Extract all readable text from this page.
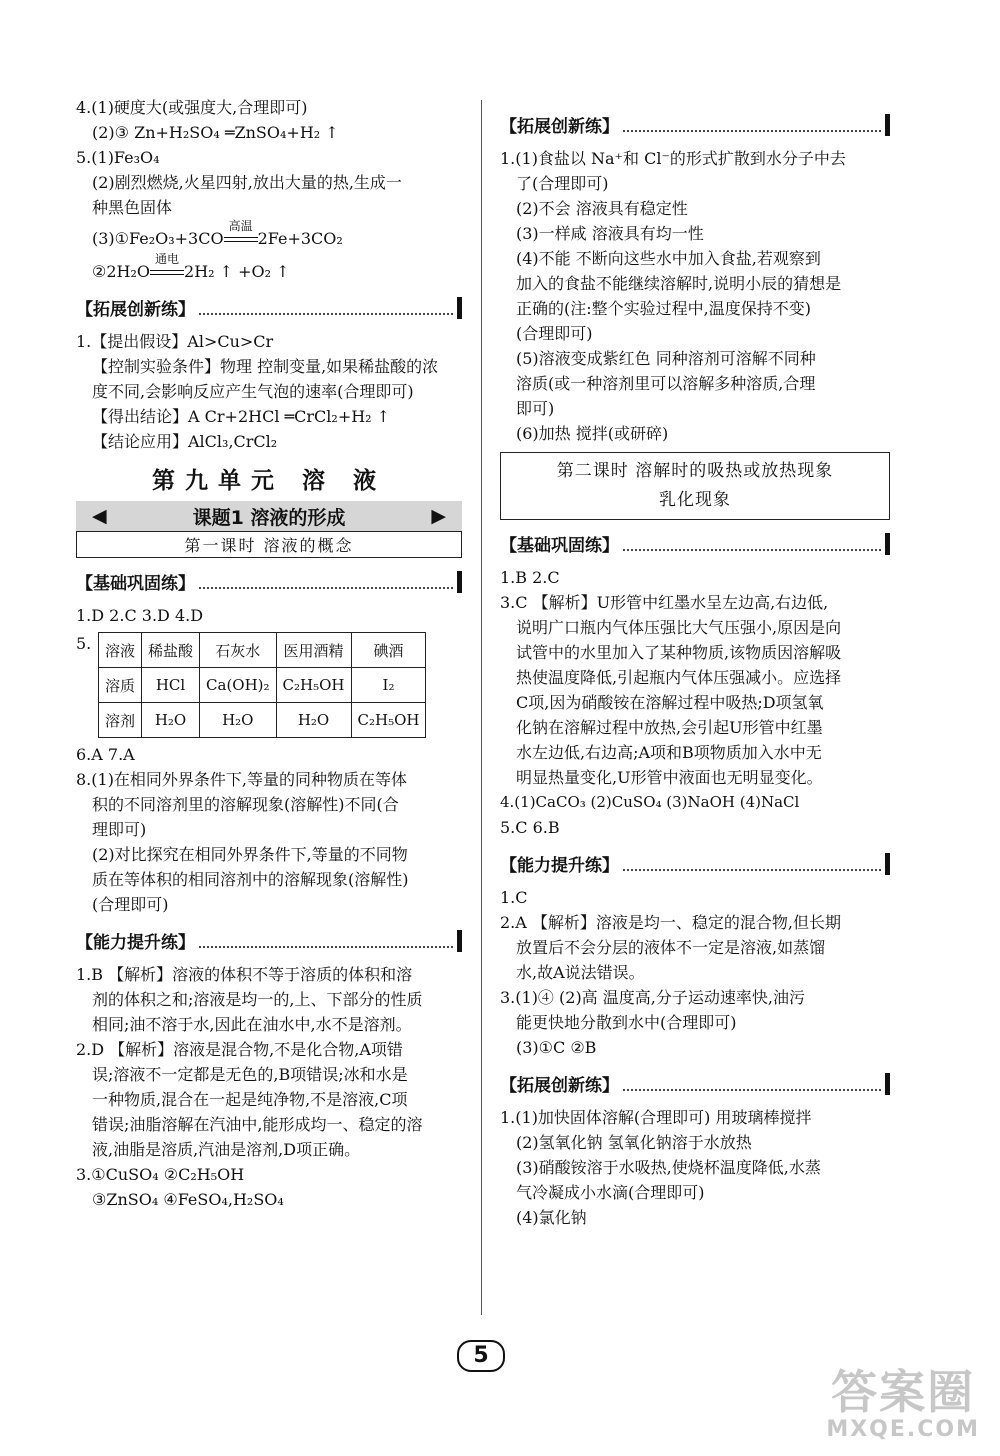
4.(1)硬度大(或强度大,合理即可)
(2)③ Zn+H₂SO₄ ═ZnSO₄+H₂ ↑
5.(1)Fe₃O₄
(2)剧烈燃烧,火星四射,放出大量的热,生成一
种黑色固体
(3)①Fe₂O₃+3CO
高温
2Fe+3CO₂
②2H₂O
通电
2H₂ ↑ +O₂ ↑
【拓展创新练】
1.【提出假设】Al>Cu>Cr
【控制实验条件】物理 控制变量,如果稀盐酸的浓
度不同,会影响反应产生气泡的速率(合理即可)
【得出结论】A Cr+2HCl ═CrCl₂+H₂ ↑
【结论应用】AlCl₃,CrCl₂
第九单元 溶 液
◀	课题1 溶液的形成	▶
第一课时 溶液的概念
【基础巩固练】
1.D 2.C 3.D 4.D
5. 溶液	稀盐酸	石灰水	医用酒精	碘酒
溶质	HCl	Ca(OH)₂	C₂H₅OH	I₂
溶剂	H₂O	H₂O	H₂O	C₂H₅OH
6.A 7.A
8.(1)在相同外界条件下,等量的同种物质在等体
积的不同溶剂里的溶解现象(溶解性)不同(合
理即可)
(2)对比探究在相同外界条件下,等量的不同物
质在等体积的相同溶剂中的溶解现象(溶解性)
(合理即可)
【能力提升练】
1.B 【解析】溶液的体积不等于溶质的体积和溶
剂的体积之和;溶液是均一的,上、下部分的性质
相同;油不溶于水,因此在油水中,水不是溶剂。
2.D 【解析】溶液是混合物,不是化合物,A项错
误;溶液不一定都是无色的,B项错误;冰和水是
一种物质,混合在一起是纯净物,不是溶液,C项
错误;油脂溶解在汽油中,能形成均一、稳定的溶
液,油脂是溶质,汽油是溶剂,D项正确。
3.①CuSO₄ ②C₂H₅OH
③ZnSO₄ ④FeSO₄,H₂SO₄
【拓展创新练】
1.(1)食盐以 Na⁺和 Cl⁻的形式扩散到水分子中去
了(合理即可)
(2)不会 溶液具有稳定性
(3)一样咸 溶液具有均一性
(4)不能 不断向这些水中加入食盐,若观察到
加入的食盐不能继续溶解时,说明小辰的猜想是
正确的(注:整个实验过程中,温度保持不变)
(合理即可)
(5)溶液变成紫红色 同种溶剂可溶解不同种
溶质(或一种溶剂里可以溶解多种溶质,合理
即可)
(6)加热 搅拌(或研碎)
第二课时 溶解时的吸热或放热现象
乳化现象
【基础巩固练】
1.B 2.C
3.C 【解析】U形管中红墨水呈左边高,右边低,
说明广口瓶内气体压强比大气压强小,原因是向
试管中的水里加入了某种物质,该物质因溶解吸
热使温度降低,引起瓶内气体压强减小。应选择
C项,因为硝酸铵在溶解过程中吸热;D项氢氧
化钠在溶解过程中放热,会引起U形管中红墨
水左边低,右边高;A项和B项物质加入水中无
明显热量变化,U形管中液面也无明显变化。
4.(1)CaCO₃ (2)CuSO₄ (3)NaOH (4)NaCl
5.C 6.B
【能力提升练】
1.C
2.A 【解析】溶液是均一、稳定的混合物,但长期
放置后不会分层的液体不一定是溶液,如蒸馏
水,故A说法错误。
3.(1)④ (2)高 温度高,分子运动速率快,油污
能更快地分散到水中(合理即可)
(3)①C ②B
【拓展创新练】
1.(1)加快固体溶解(合理即可) 用玻璃棒搅拌
(2)氢氧化钠 氢氧化钠溶于水放热
(3)硝酸铵溶于水吸热,使烧杯温度降低,水蒸
气冷凝成小水滴(合理即可)
(4)氯化钠
5
答案圈
MXQE.COM
